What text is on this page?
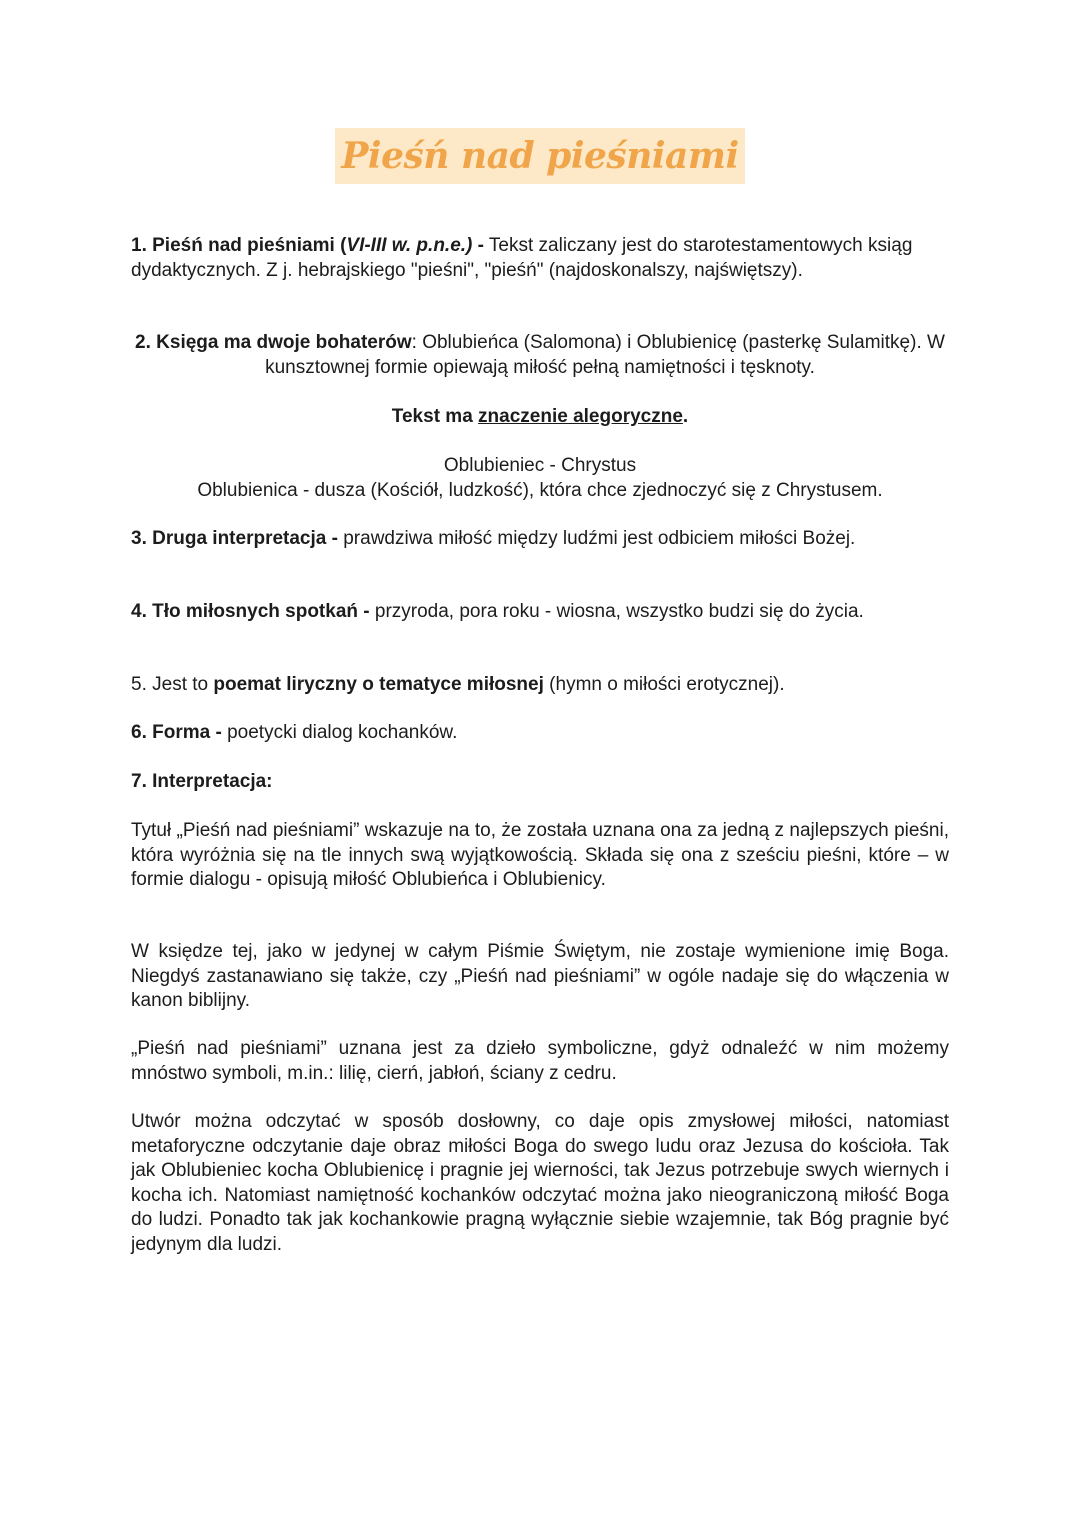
Pieśń nad pieśniami
1. Pieśń nad pieśniami (VI-III w. p.n.e.) - Tekst zaliczany jest do starotestamentowych ksiąg dydaktycznych. Z j. hebrajskiego "pieśni", "pieśń" (najdoskonalszy, najświętszy).
2. Księga ma dwoje bohaterów: Oblubieńca (Salomona) i Oblubienicę (pasterkę Sulamitkę). W kunsztownej formie opiewają miłość pełną namiętności i tęsknoty.
Tekst ma znaczenie alegoryczne.
Oblubieniec - Chrystus
Oblubienica - dusza (Kościół, ludzkość), która chce zjednoczyć się z Chrystusem.
3. Druga interpretacja - prawdziwa miłość między ludźmi jest odbiciem miłości Bożej.
4. Tło miłosnych spotkań - przyroda, pora roku - wiosna, wszystko budzi się do życia.
5. Jest to poemat liryczny o tematyce miłosnej (hymn o miłości erotycznej).
6. Forma - poetycki dialog kochanków.
7. Interpretacja:
Tytuł „Pieśń nad pieśniami” wskazuje na to, że została uznana ona za jedną z najlepszych pieśni, która wyróżnia się na tle innych swą wyjątkowością. Składa się ona z sześciu pieśni, które – w formie dialogu - opisują miłość Oblubieńca i Oblubienicy.
W księdze tej, jako w jedynej w całym Piśmie Świętym, nie zostaje wymienione imię Boga. Niegdyś zastanawiano się także, czy „Pieśń nad pieśniami” w ogóle nadaje się do włączenia w kanon biblijny.
„Pieśń nad pieśniami” uznana jest za dzieło symboliczne, gdyż odnaleźć w nim możemy mnóstwo symboli, m.in.: lilię, cierń, jabłoń, ściany z cedru.
Utwór można odczytać w sposób dosłowny, co daje opis zmysłowej miłości, natomiast metaforyczne odczytanie daje obraz miłości Boga do swego ludu oraz Jezusa do kościoła. Tak jak Oblubieniec kocha Oblubienicę i pragnie jej wierności, tak Jezus potrzebuje swych wiernych i kocha ich. Natomiast namiętność kochanków odczytać można jako nieograniczoną miłość Boga do ludzi. Ponadto tak jak kochankowie pragną wyłącznie siebie wzajemnie, tak Bóg pragnie być jedynym dla ludzi.
